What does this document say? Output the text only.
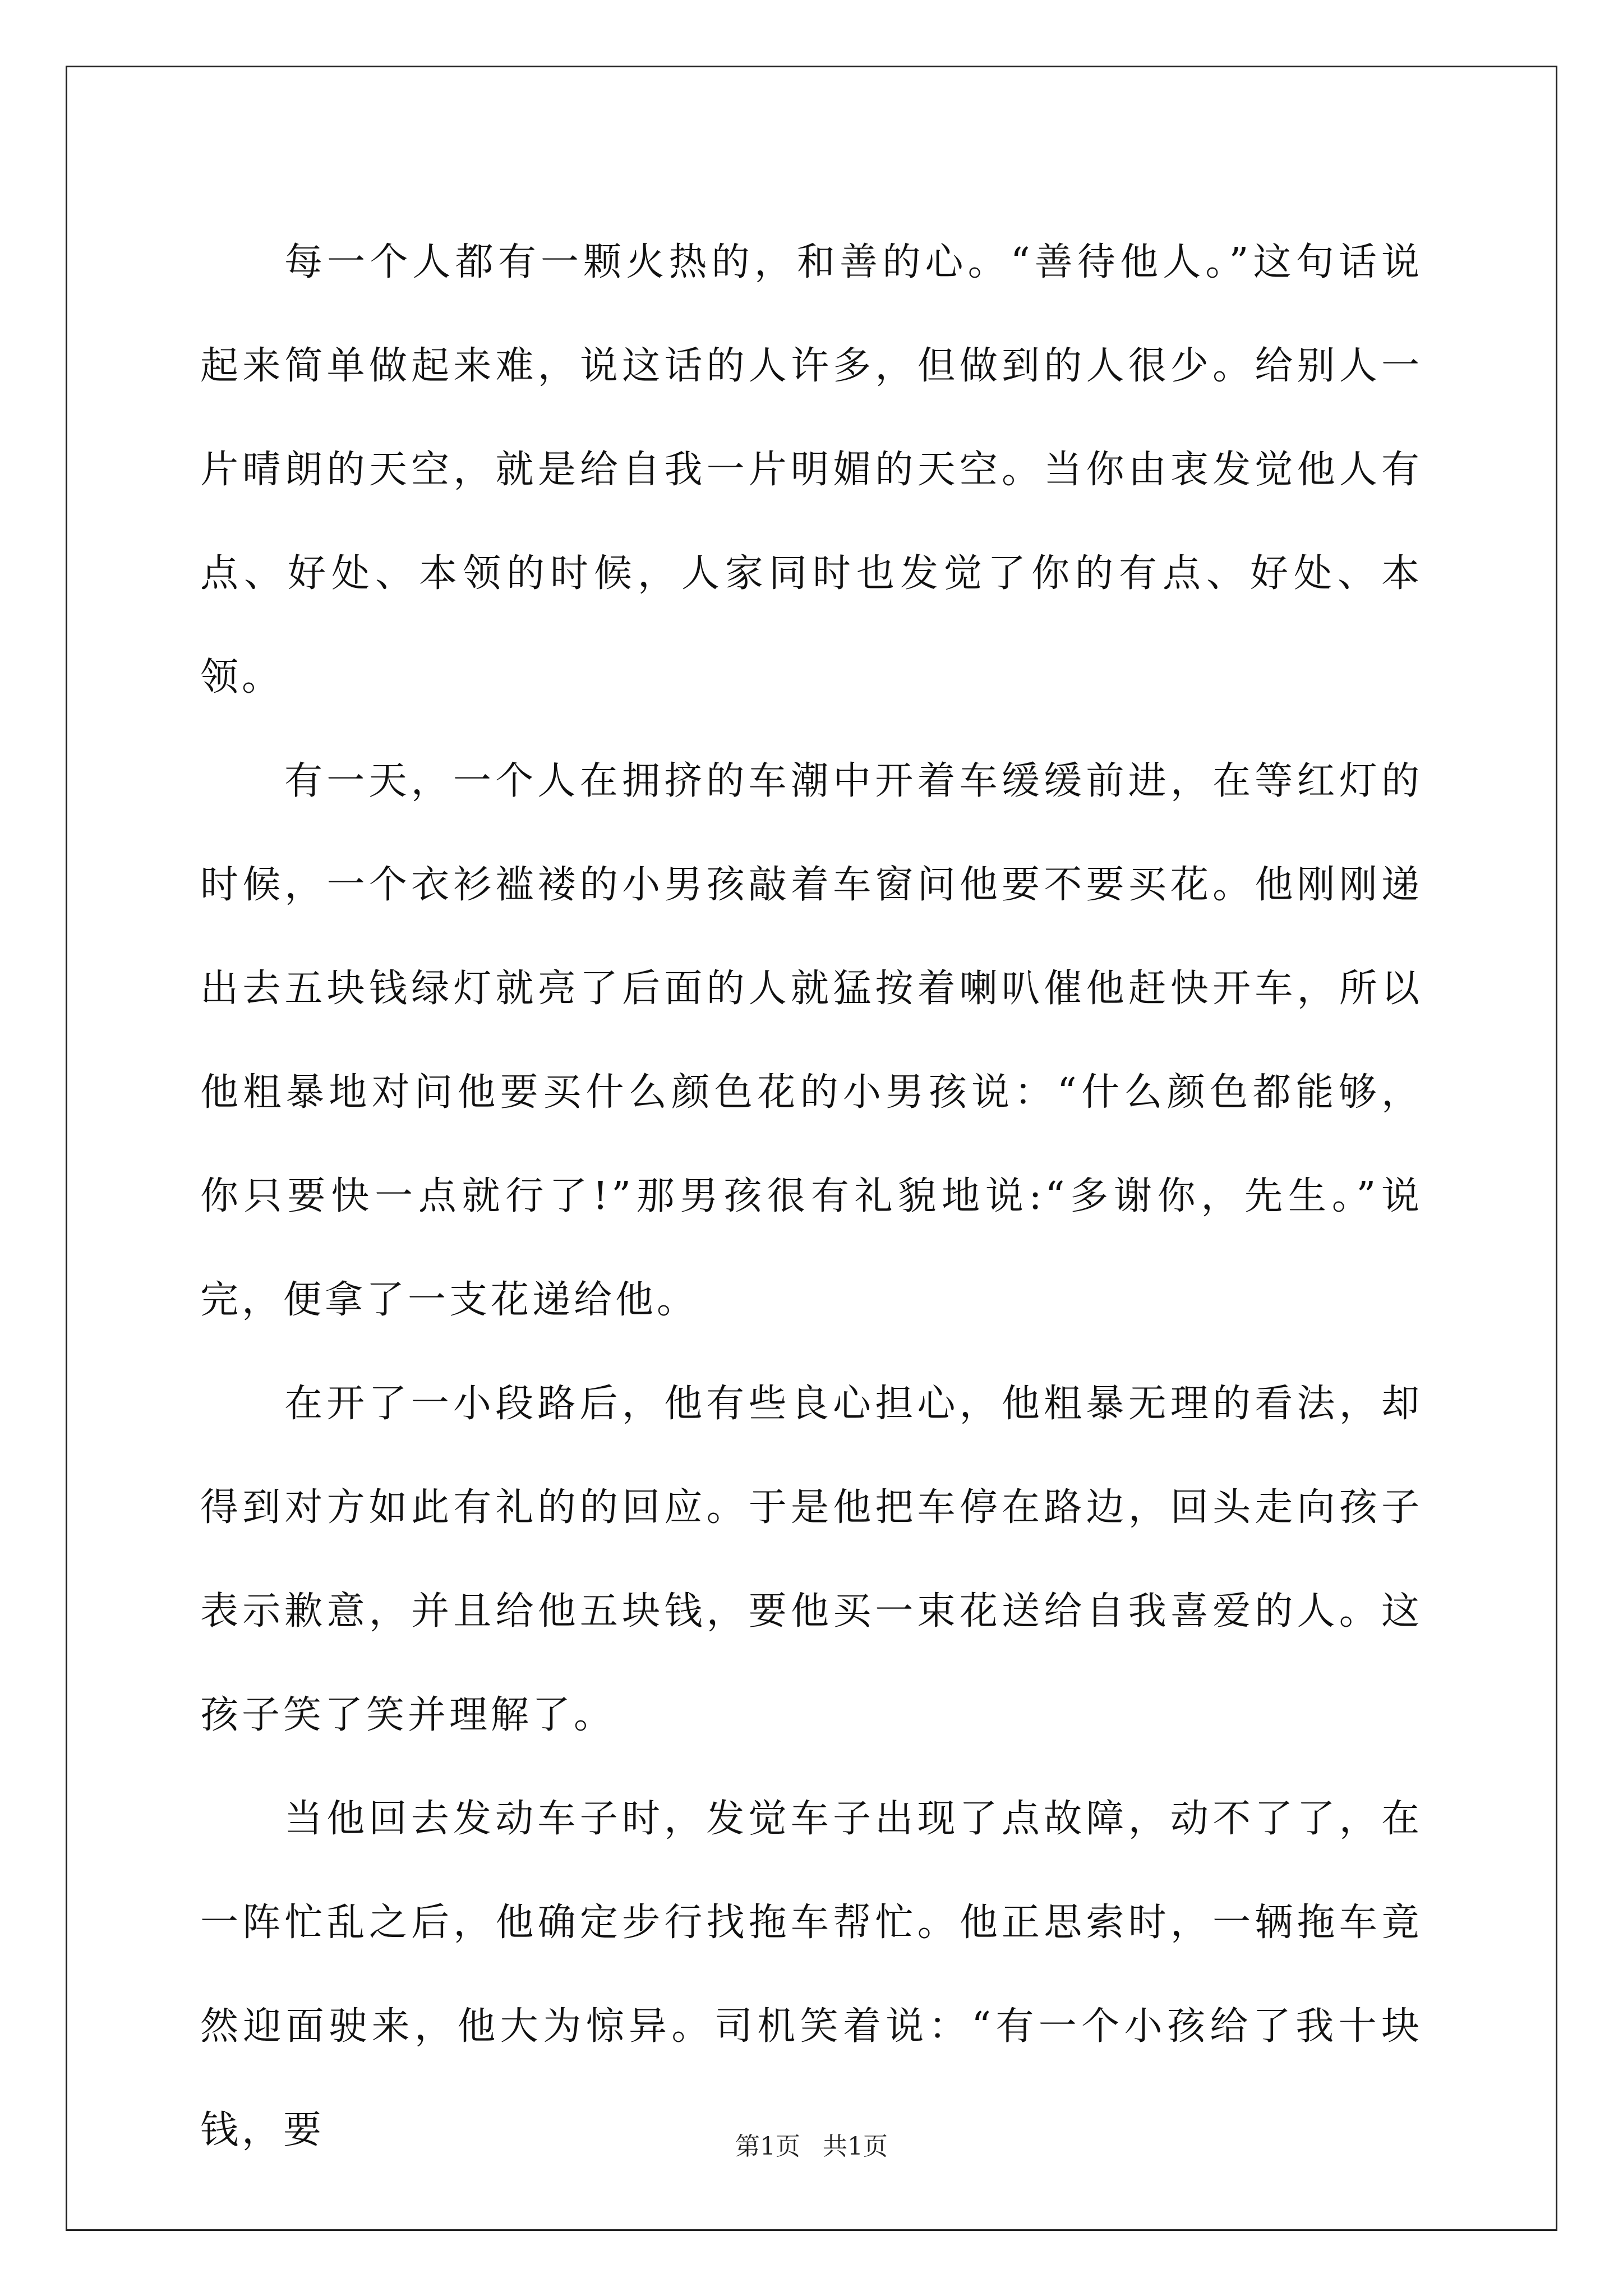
每一个人都有一颗火热的，和善的心。“善待他人。”这句话说起来简单做起来难，说这话的人许多，但做到的人很少。给别人一片晴朗的天空，就是给自我一片明媚的天空。当你由衷发觉他人有点、好处、本领的时候，人家同时也发觉了你的有点、好处、本领。

有一天，一个人在拥挤的车潮中开着车缓缓前进，在等红灯的时候，一个衣衫褴褛的小男孩敲着车窗问他要不要买花。他刚刚递出去五块钱绿灯就亮了后面的人就猛按着喇叭催他赶快开车，所以他粗暴地对问他要买什么颜色花的小男孩说：“什么颜色都能够，你只要快一点就行了!”那男孩很有礼貌地说:“多谢你，先生。”说完，便拿了一支花递给他。

在开了一小段路后，他有些良心担心，他粗暴无理的看法，却得到对方如此有礼的的回应。于是他把车停在路边，回头走向孩子表示歉意，并且给他五块钱，要他买一束花送给自我喜爱的人。这孩子笑了笑并理解了。

当他回去发动车子时，发觉车子出现了点故障，动不了了，在一阵忙乱之后，他确定步行找拖车帮忙。他正思索时，一辆拖车竟然迎面驶来，他大为惊异。司机笑着说：“有一个小孩给了我十块钱，要	第1页 共1页
